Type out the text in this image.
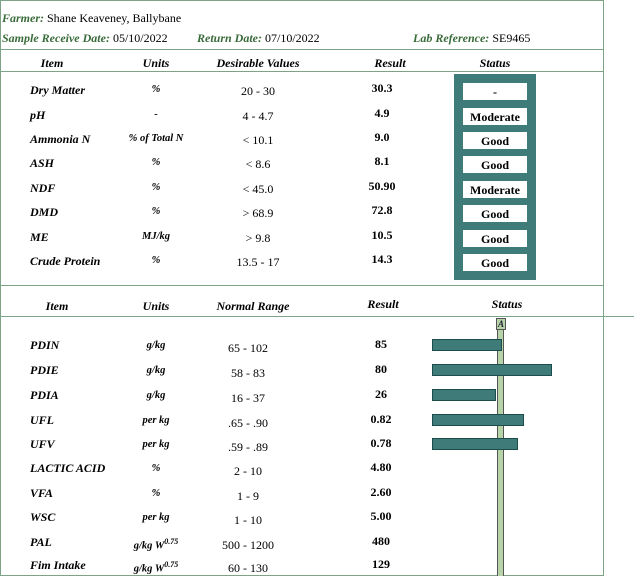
Farmer: Shane Keaveney, Ballybane
Sample Receive Date: 05/10/2022 Return Date: 07/10/2022	Lab Reference: SE9465
Item	Units	Desirable Values	Result	Status
Dry Matter	%	20 - 30	30.3	-
pH	-	4 - 4.7	4.9	Moderate
Ammonia N	% of Total N	< 10.1	9.0	Good
ASH	%	< 8.6	8.1	Good
NDF	%	< 45.0	50.90	Moderate
DMD	%	> 68.9	72.8	Good
ME	MJ/kg	> 9.8	10.5	Good
Crude Protein	%	13.5 - 17	14.3	Good
Item	Units	Normal Range	Result	Status
A
PDIN	g/kg	65 - 102	85
PDIE	g/kg	58 - 83	80
PDIA	g/kg	16 - 37	26
UFL	per kg	.65 - .90	0.82
UFV	per kg	.59 - .89	0.78
LACTIC ACID	%	2 - 10	4.80
VFA	%	1 - 9	2.60
WSC	per kg	1 - 10	5.00
PAL	g/kg $W^{0.75}$	500 - 1200	480
Fim Intake	g/kg $W^{0.75}$	60 - 130	129
